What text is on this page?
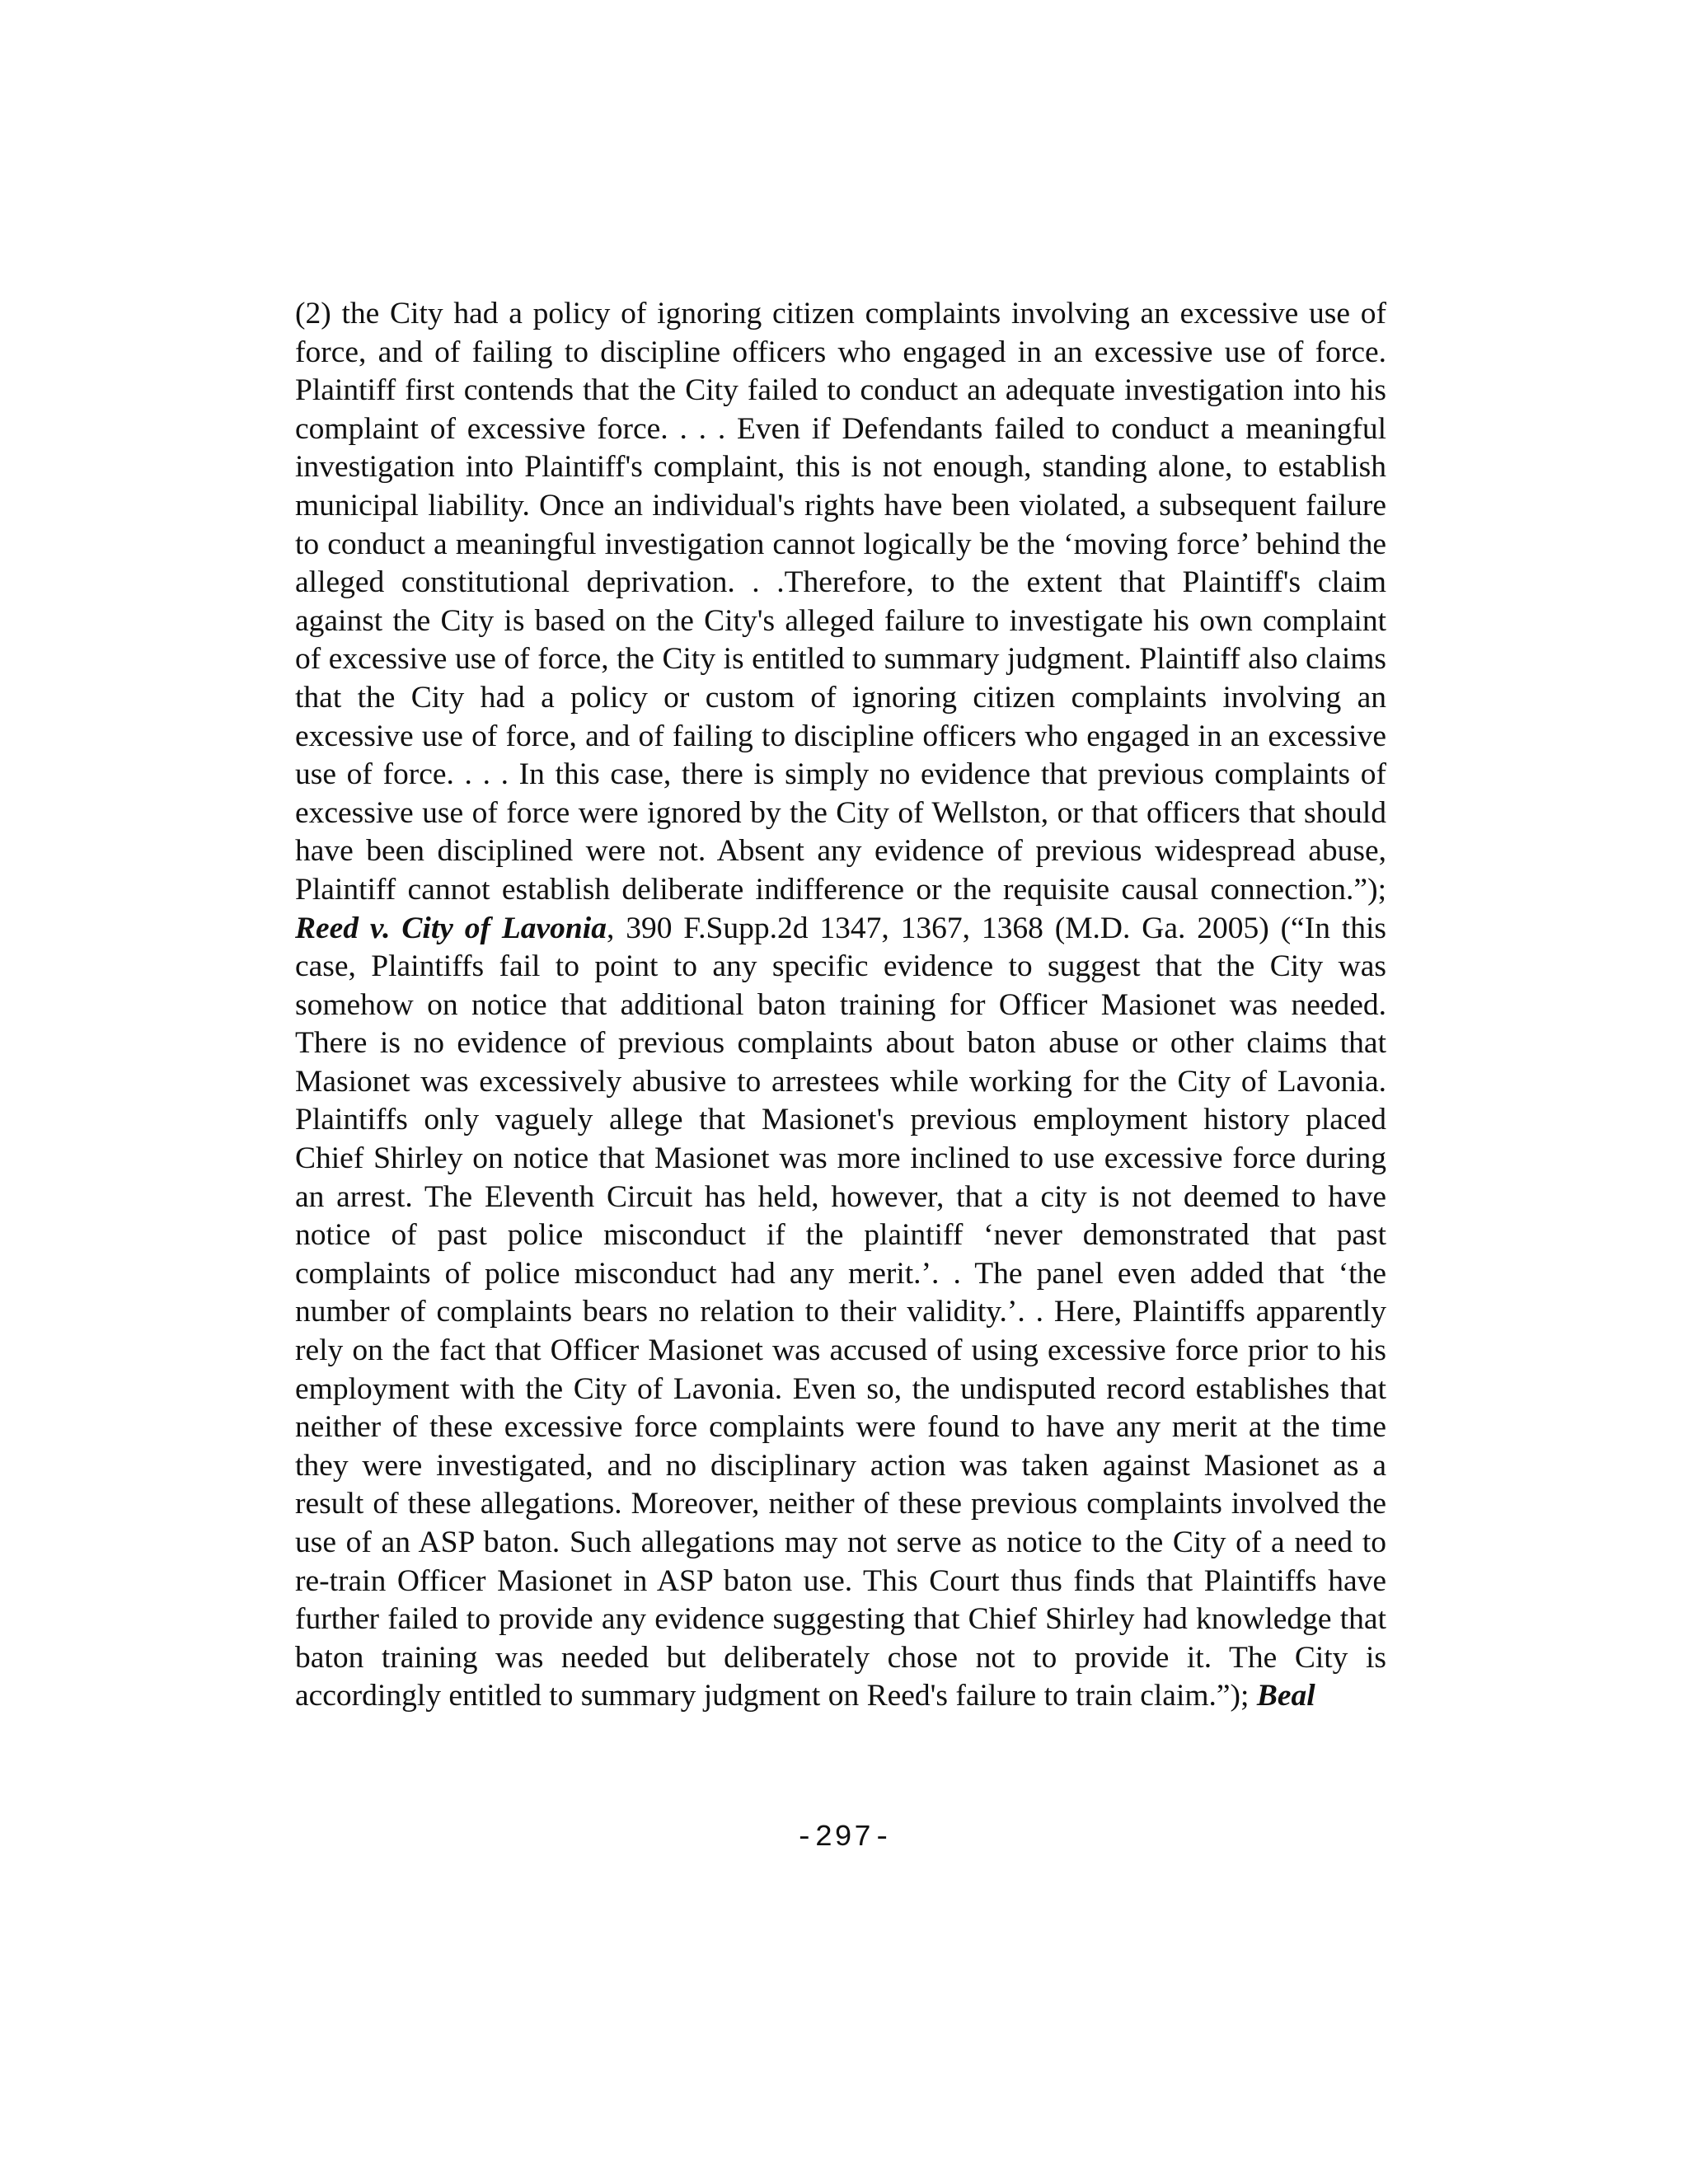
(2) the City had a policy of ignoring citizen complaints involving an excessive use of force, and of failing to discipline officers who engaged in an excessive use of force. Plaintiff first contends that the City failed to conduct an adequate investigation into his complaint of excessive force. . . . Even if Defendants failed to conduct a meaningful investigation into Plaintiff's complaint, this is not enough, standing alone, to establish municipal liability. Once an individual's rights have been violated, a subsequent failure to conduct a meaningful investigation cannot logically be the ‘moving force’ behind the alleged constitutional deprivation. . .Therefore, to the extent that Plaintiff's claim against the City is based on the City's alleged failure to investigate his own complaint of excessive use of force, the City is entitled to summary judgment. Plaintiff also claims that the City had a policy or custom of ignoring citizen complaints involving an excessive use of force, and of failing to discipline officers who engaged in an excessive use of force. . . . In this case, there is simply no evidence that previous complaints of excessive use of force were ignored by the City of Wellston, or that officers that should have been disciplined were not. Absent any evidence of previous widespread abuse, Plaintiff cannot establish deliberate indifference or the requisite causal connection.”); Reed v. City of Lavonia, 390 F.Supp.2d 1347, 1367, 1368 (M.D. Ga. 2005) (“In this case, Plaintiffs fail to point to any specific evidence to suggest that the City was somehow on notice that additional baton training for Officer Masionet was needed. There is no evidence of previous complaints about baton abuse or other claims that Masionet was excessively abusive to arrestees while working for the City of Lavonia. Plaintiffs only vaguely allege that Masionet's previous employment history placed Chief Shirley on notice that Masionet was more inclined to use excessive force during an arrest. The Eleventh Circuit has held, however, that a city is not deemed to have notice of past police misconduct if the plaintiff ‘never demonstrated that past complaints of police misconduct had any merit.’. . The panel even added that ‘the number of complaints bears no relation to their validity.’. . Here, Plaintiffs apparently rely on the fact that Officer Masionet was accused of using excessive force prior to his employment with the City of Lavonia. Even so, the undisputed record establishes that neither of these excessive force complaints were found to have any merit at the time they were investigated, and no disciplinary action was taken against Masionet as a result of these allegations. Moreover, neither of these previous complaints involved the use of an ASP baton. Such allegations may not serve as notice to the City of a need to re-train Officer Masionet in ASP baton use. This Court thus finds that Plaintiffs have further failed to provide any evidence suggesting that Chief Shirley had knowledge that baton training was needed but deliberately chose not to provide it. The City is accordingly entitled to summary judgment on Reed's failure to train claim.”); Beal

-297-
